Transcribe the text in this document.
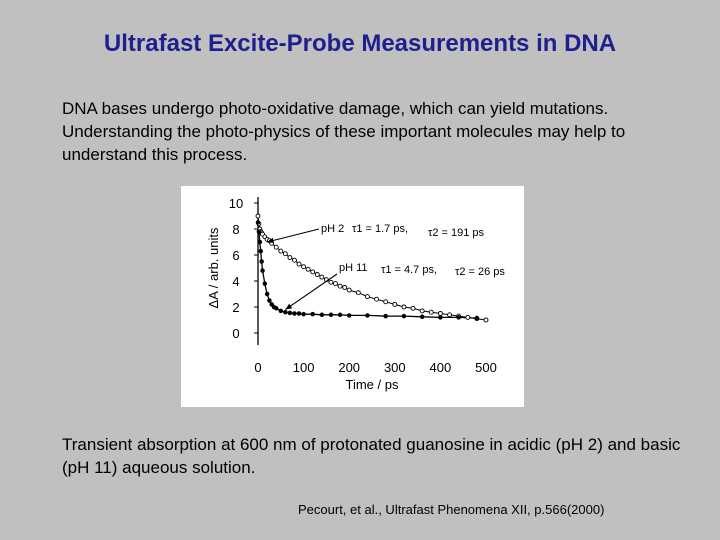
Ultrafast Excite-Probe Measurements in DNA
DNA bases undergo photo-oxidative damage, which can yield mutations. Understanding the photo-physics of these important molecules may help to understand this process.
0
2
4
6
8
10
0 100 200 300 400 500
Time / ps
ΔA / arb. units	pH 2 τ1 = 1.7 ps, τ2 = 191 ps
pH 11 τ1 = 4.7 ps, τ2 = 26 ps
Transient absorption at 600 nm of protonated guanosine in acidic (pH 2) and basic (pH 11) aqueous solution.
Pecourt, et al., Ultrafast Phenomena XII, p.566(2000)
